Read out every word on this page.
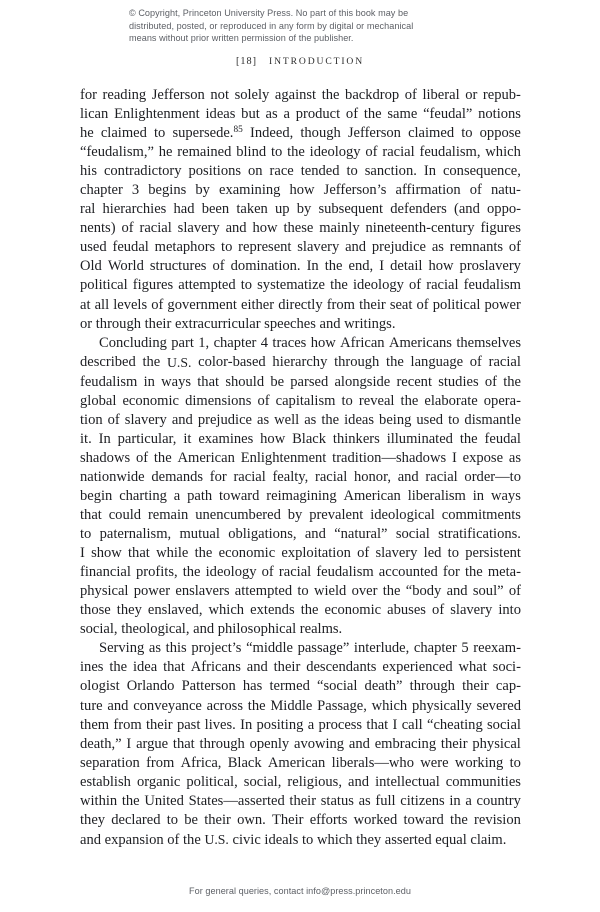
© Copyright, Princeton University Press. No part of this book may be
distributed, posted, or reproduced in any form by digital or mechanical
means without prior written permission of the publisher.
[18] INTRODUCTION

for reading Jefferson not solely against the backdrop of liberal or repub-
lican Enlightenment ideas but as a product of the same “feudal” notions
he claimed to supersede.$^{85}$ Indeed, though Jefferson claimed to oppose
“feudalism,” he remained blind to the ideology of racial feudalism, which
his contradictory positions on race tended to sanction. In consequence,
chapter 3 begins by examining how Jefferson’s affirmation of natu-
ral hierarchies had been taken up by subsequent defenders (and oppo-
nents) of racial slavery and how these mainly nineteenth-century figures
used feudal metaphors to represent slavery and prejudice as remnants of
Old World structures of domination. In the end, I detail how proslavery
political figures attempted to systematize the ideology of racial feudalism
at all levels of government either directly from their seat of political power
or through their extracurricular speeches and writings.

Concluding part 1, chapter 4 traces how African Americans themselves
described the U.S. color-based hierarchy through the language of racial
feudalism in ways that should be parsed alongside recent studies of the
global economic dimensions of capitalism to reveal the elaborate opera-
tion of slavery and prejudice as well as the ideas being used to dismantle
it. In particular, it examines how Black thinkers illuminated the feudal
shadows of the American Enlightenment tradition—shadows I expose as
nationwide demands for racial fealty, racial honor, and racial order—to
begin charting a path toward reimagining American liberalism in ways
that could remain unencumbered by prevalent ideological commitments
to paternalism, mutual obligations, and “natural” social stratifications.
I show that while the economic exploitation of slavery led to persistent
financial profits, the ideology of racial feudalism accounted for the meta-
physical power enslavers attempted to wield over the “body and soul” of
those they enslaved, which extends the economic abuses of slavery into
social, theological, and philosophical realms.

Serving as this project’s “middle passage” interlude, chapter 5 reexam-
ines the idea that Africans and their descendants experienced what soci-
ologist Orlando Patterson has termed “social death” through their cap-
ture and conveyance across the Middle Passage, which physically severed
them from their past lives. In positing a process that I call “cheating social
death,” I argue that through openly avowing and embracing their physical
separation from Africa, Black American liberals—who were working to
establish organic political, social, religious, and intellectual communities
within the United States—asserted their status as full citizens in a country
they declared to be their own. Their efforts worked toward the revision
and expansion of the U.S. civic ideals to which they asserted equal claim.

For general queries, contact info@press.princeton.edu
